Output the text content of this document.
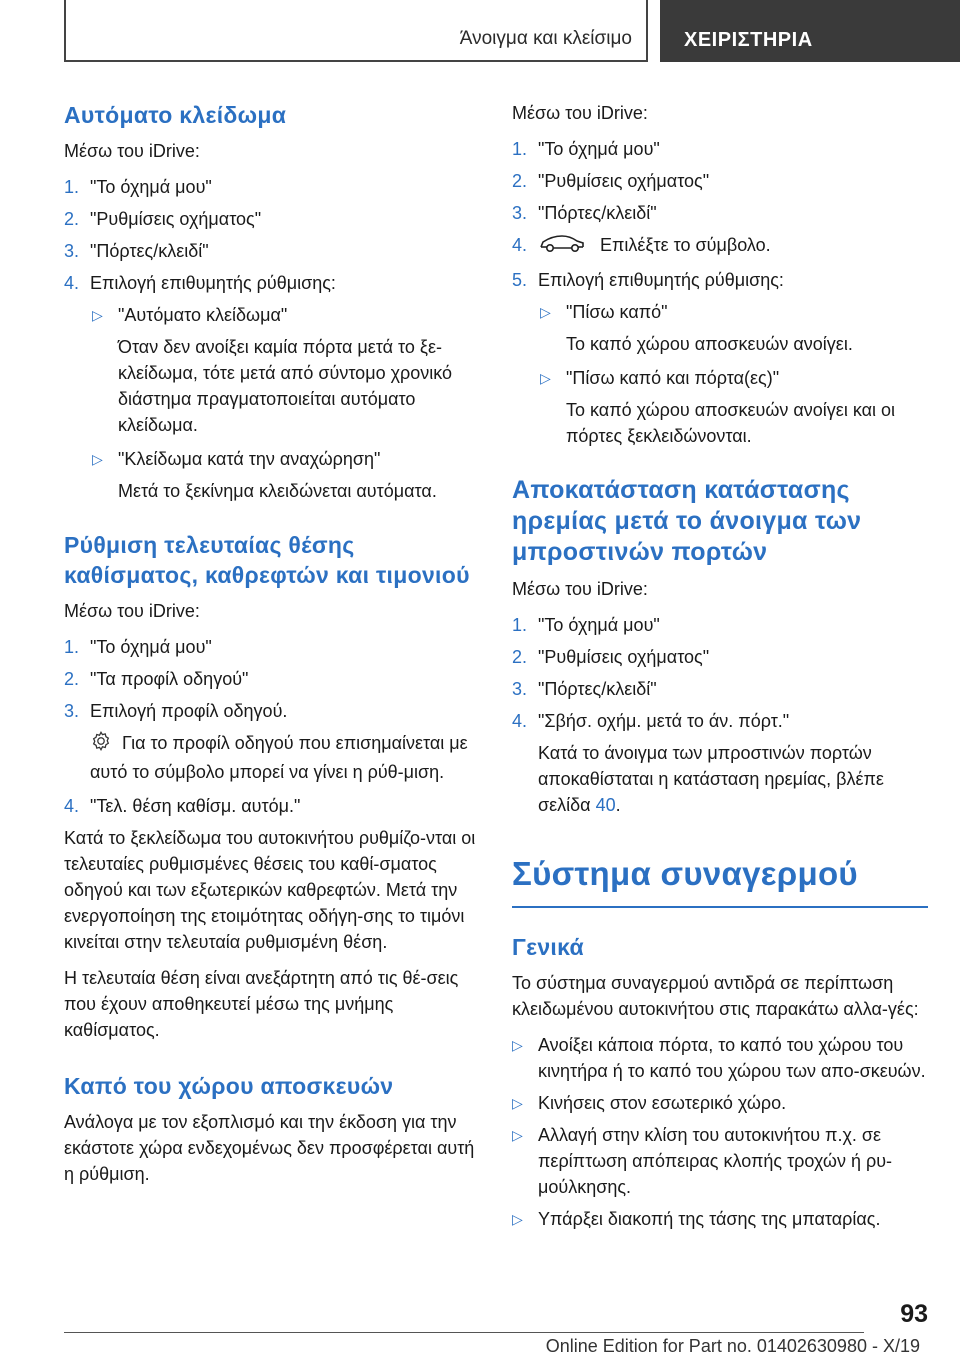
Άνοιγμα και κλείσιμο	ΧΕΙΡΙΣΤΗΡΙΑ
Αυτόματο κλείδωμα
Μέσω του iDrive:
1. "Το όχημά μου"
2. "Ρυθμίσεις οχήματος"
3. "Πόρτες/κλειδί"
4. Επιλογή επιθυμητής ρύθμισης:
▷ "Αυτόματο κλείδωμα"
Όταν δεν ανοίξει καμία πόρτα μετά το ξε-κλείδωμα, τότε μετά από σύντομο χρονικό διάστημα πραγματοποιείται αυτόματο κλείδωμα.
▷ "Κλείδωμα κατά την αναχώρηση"
Μετά το ξεκίνημα κλειδώνεται αυτόματα.
Ρύθμιση τελευταίας θέσης καθίσματος, καθρεφτών και τιμονιού
Μέσω του iDrive:
1. "Το όχημά μου"
2. "Τα προφίλ οδηγού"
3. Επιλογή προφίλ οδηγού.
Για το προφίλ οδηγού που επισημαίνεται με αυτό το σύμβολο μπορεί να γίνει η ρύθ-μιση.
4. "Τελ. θέση καθίσμ. αυτόμ."
Κατά το ξεκλείδωμα του αυτοκινήτου ρυθμίζο-νται οι τελευταίες ρυθμισμένες θέσεις του καθί-σματος οδηγού και των εξωτερικών καθρεφτών. Μετά την ενεργοποίηση της ετοιμότητας οδήγη-σης το τιμόνι κινείται στην τελευταία ρυθμισμένη θέση.
Η τελευταία θέση είναι ανεξάρτητη από τις θέ-σεις που έχουν αποθηκευτεί μέσω της μνήμης καθίσματος.
Καπό του χώρου αποσκευών
Ανάλογα με τον εξοπλισμό και την έκδοση για την εκάστοτε χώρα ενδεχομένως δεν προσφέρεται αυτή η ρύθμιση.
Μέσω του iDrive:
1. "Το όχημά μου"
2. "Ρυθμίσεις οχήματος"
3. "Πόρτες/κλειδί"
4.	Επιλέξτε το σύμβολο.
5. Επιλογή επιθυμητής ρύθμισης:
▷ "Πίσω καπό"
Το καπό χώρου αποσκευών ανοίγει.
▷ "Πίσω καπό και πόρτα(ες)"
Το καπό χώρου αποσκευών ανοίγει και οι πόρτες ξεκλειδώνονται.
Αποκατάσταση κατάστασης ηρεμίας μετά το άνοιγμα των μπροστινών πορτών
Μέσω του iDrive:
1. "Το όχημά μου"
2. "Ρυθμίσεις οχήματος"
3. "Πόρτες/κλειδί"
4. "Σβήσ. οχήμ. μετά το άν. πόρτ."
Κατά το άνοιγμα των μπροστινών πορτών αποκαθίσταται η κατάσταση ηρεμίας, βλέπε σελίδα 40.
Σύστημα συναγερμού
Γενικά
Το σύστημα συναγερμού αντιδρά σε περίπτωση κλειδωμένου αυτοκινήτου στις παρακάτω αλλα-γές:
▷ Ανοίξει κάποια πόρτα, το καπό του χώρου του κινητήρα ή το καπό του χώρου των απο-σκευών.
▷ Κινήσεις στον εσωτερικό χώρο.
▷ Αλλαγή στην κλίση του αυτοκινήτου π.χ. σε περίπτωση απόπειρας κλοπής τροχών ή ρυ-μούλκησης.
▷ Υπάρξει διακοπή της τάσης της μπαταρίας.
93
Online Edition for Part no. 01402630980 - X/19
